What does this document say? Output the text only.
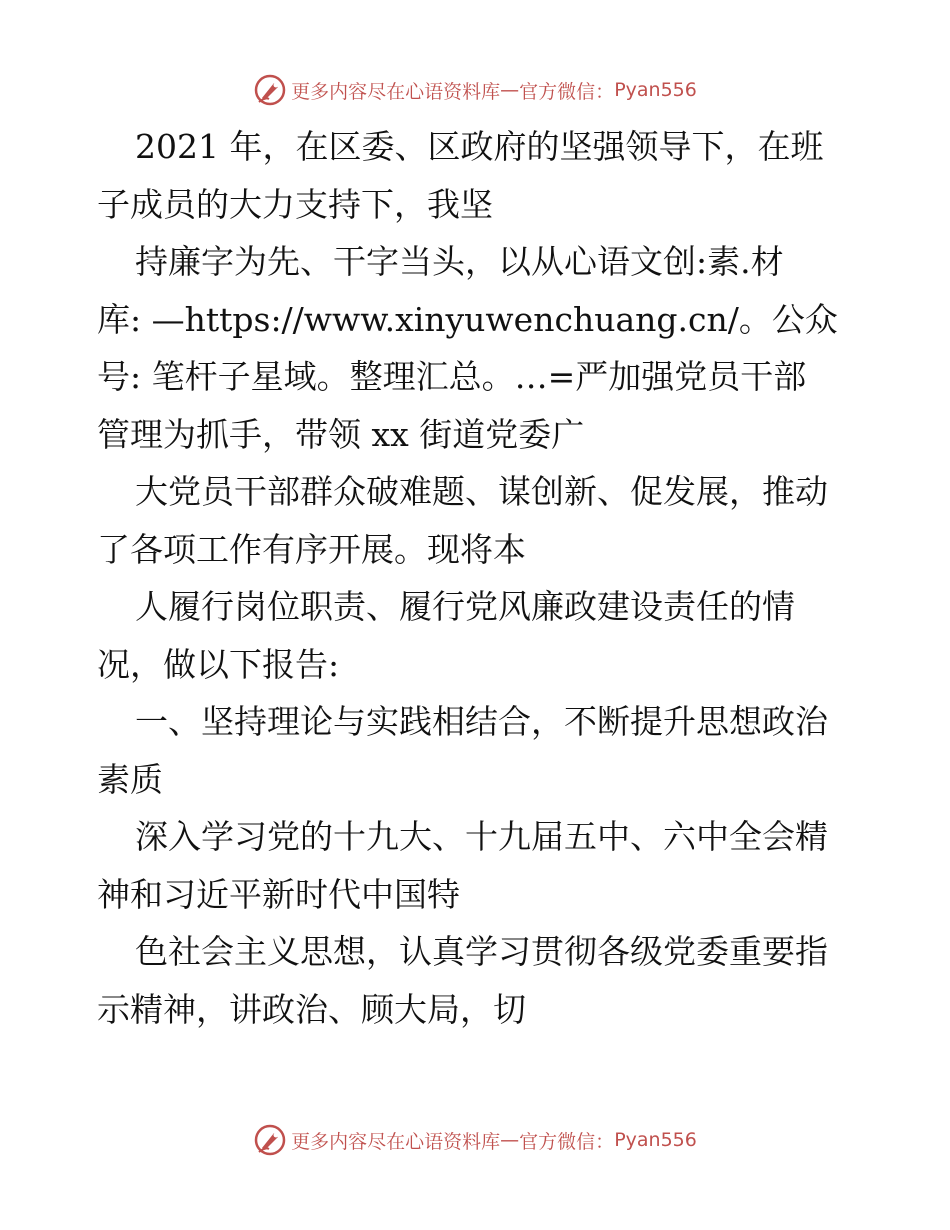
更多内容尽在心语资料库 — 官方微信： Pyan556
2021 年，在区委、区政府的坚强领导下，在班
子成员的大力支持下，我坚
持廉字为先、干字当头，以从心语文创:素.材
库: —https://www.xinyuwenchuang.cn/。公众
号: 笔杆子星域。整理汇总。…=严加强党员干部
管理为抓手，带领 xx 街道党委广
大党员干部群众破难题、谋创新、促发展，推动
了各项工作有序开展。现将本
人履行岗位职责、履行党风廉政建设责任的情
况，做以下报告:
一、坚持理论与实践相结合，不断提升思想政治
素质
深入学习党的十九大、十九届五中、六中全会精
神和习近平新时代中国特
色社会主义思想，认真学习贯彻各级党委重要指
示精神，讲政治、顾大局，切
更多内容尽在心语资料库 — 官方微信： Pyan556
